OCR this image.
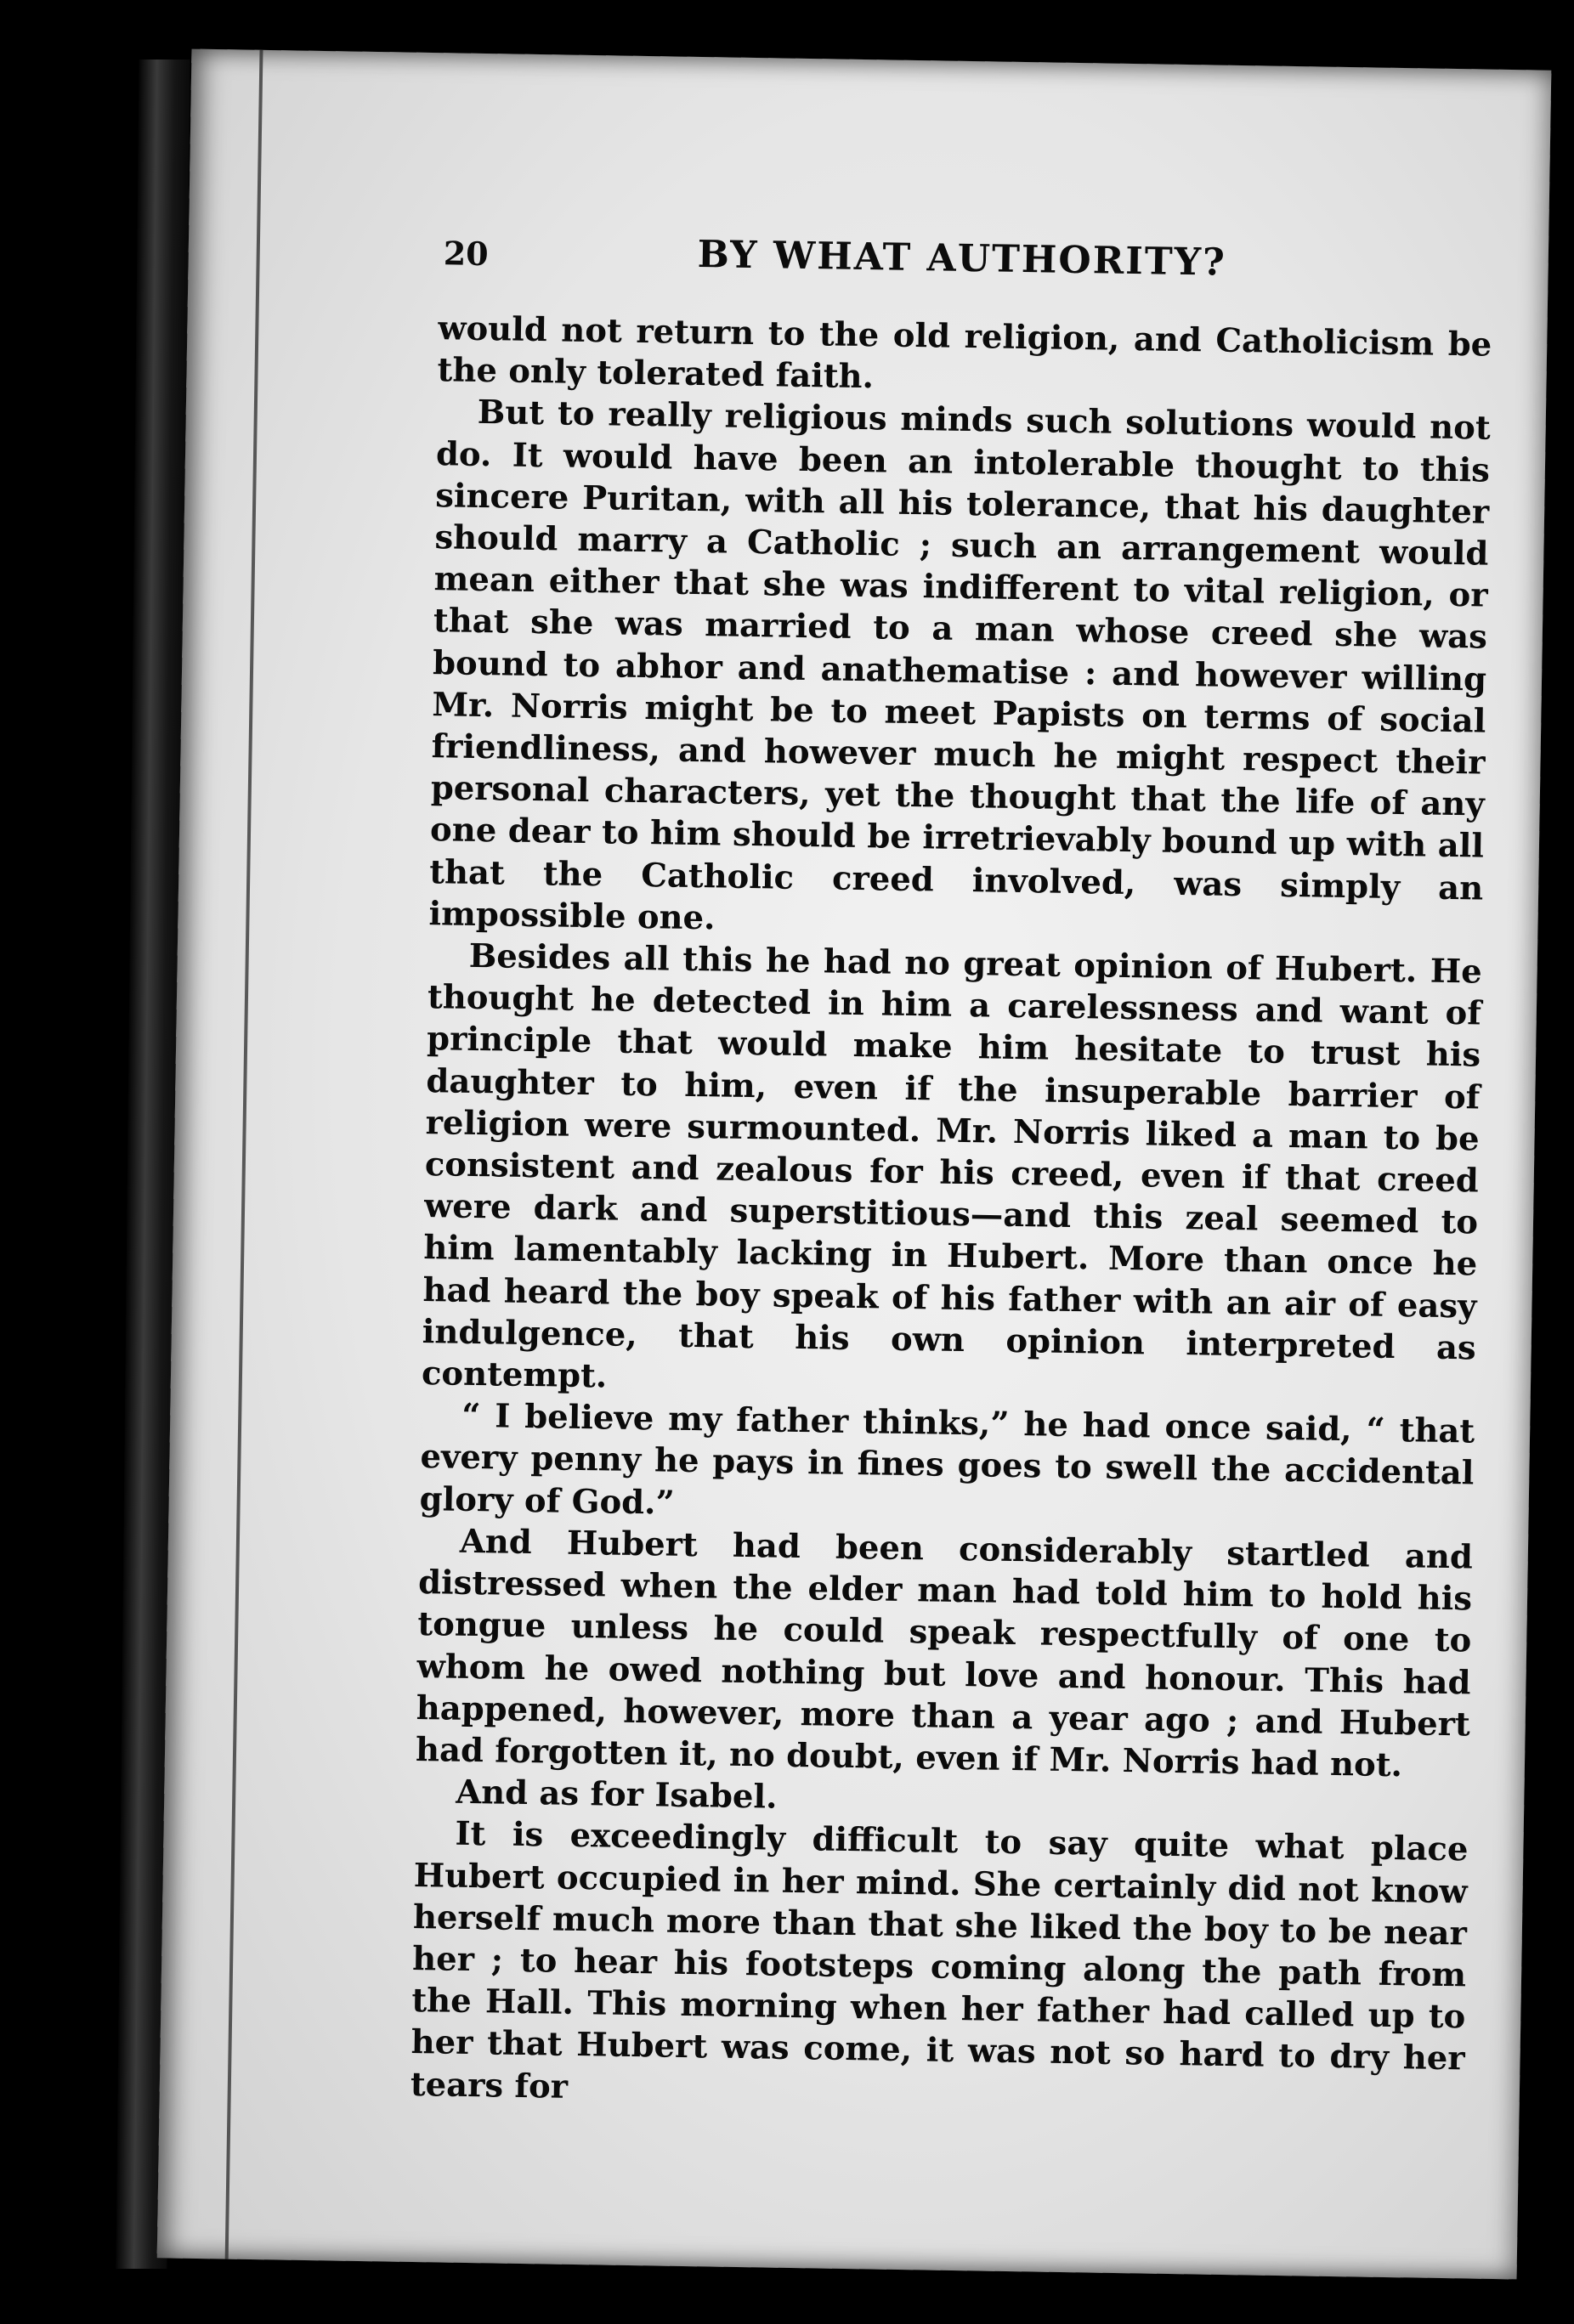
20	BY WHAT AUTHORITY?

would not return to the old religion, and Catholicism be the only tolerated faith.

But to really religious minds such solutions would not do. It would have been an intolerable thought to this sincere Puritan, with all his tolerance, that his daughter should marry a Catholic ; such an arrangement would mean either that she was indifferent to vital religion, or that she was married to a man whose creed she was bound to abhor and anathematise : and however willing Mr. Norris might be to meet Papists on terms of social friendliness, and however much he might respect their personal characters, yet the thought that the life of any one dear to him should be irretrievably bound up with all that the Catholic creed involved, was simply an impossible one.

Besides all this he had no great opinion of Hubert. He thought he detected in him a carelessness and want of principle that would make him hesitate to trust his daughter to him, even if the insuperable barrier of religion were surmounted. Mr. Norris liked a man to be consistent and zealous for his creed, even if that creed were dark and superstitious—and this zeal seemed to him lamentably lacking in Hubert. More than once he had heard the boy speak of his father with an air of easy indulgence, that his own opinion interpreted as contempt.

“ I believe my father thinks,” he had once said, “ that every penny he pays in fines goes to swell the accidental glory of God.”

And Hubert had been considerably startled and distressed when the elder man had told him to hold his tongue unless he could speak respectfully of one to whom he owed nothing but love and honour. This had happened, however, more than a year ago ; and Hubert had forgotten it, no doubt, even if Mr. Norris had not.

And as for Isabel.

It is exceedingly difficult to say quite what place Hubert occupied in her mind. She certainly did not know herself much more than that she liked the boy to be near her ; to hear his footsteps coming along the path from the Hall. This morning when her father had called up to her that Hubert was come, it was not so hard to dry her tears for
